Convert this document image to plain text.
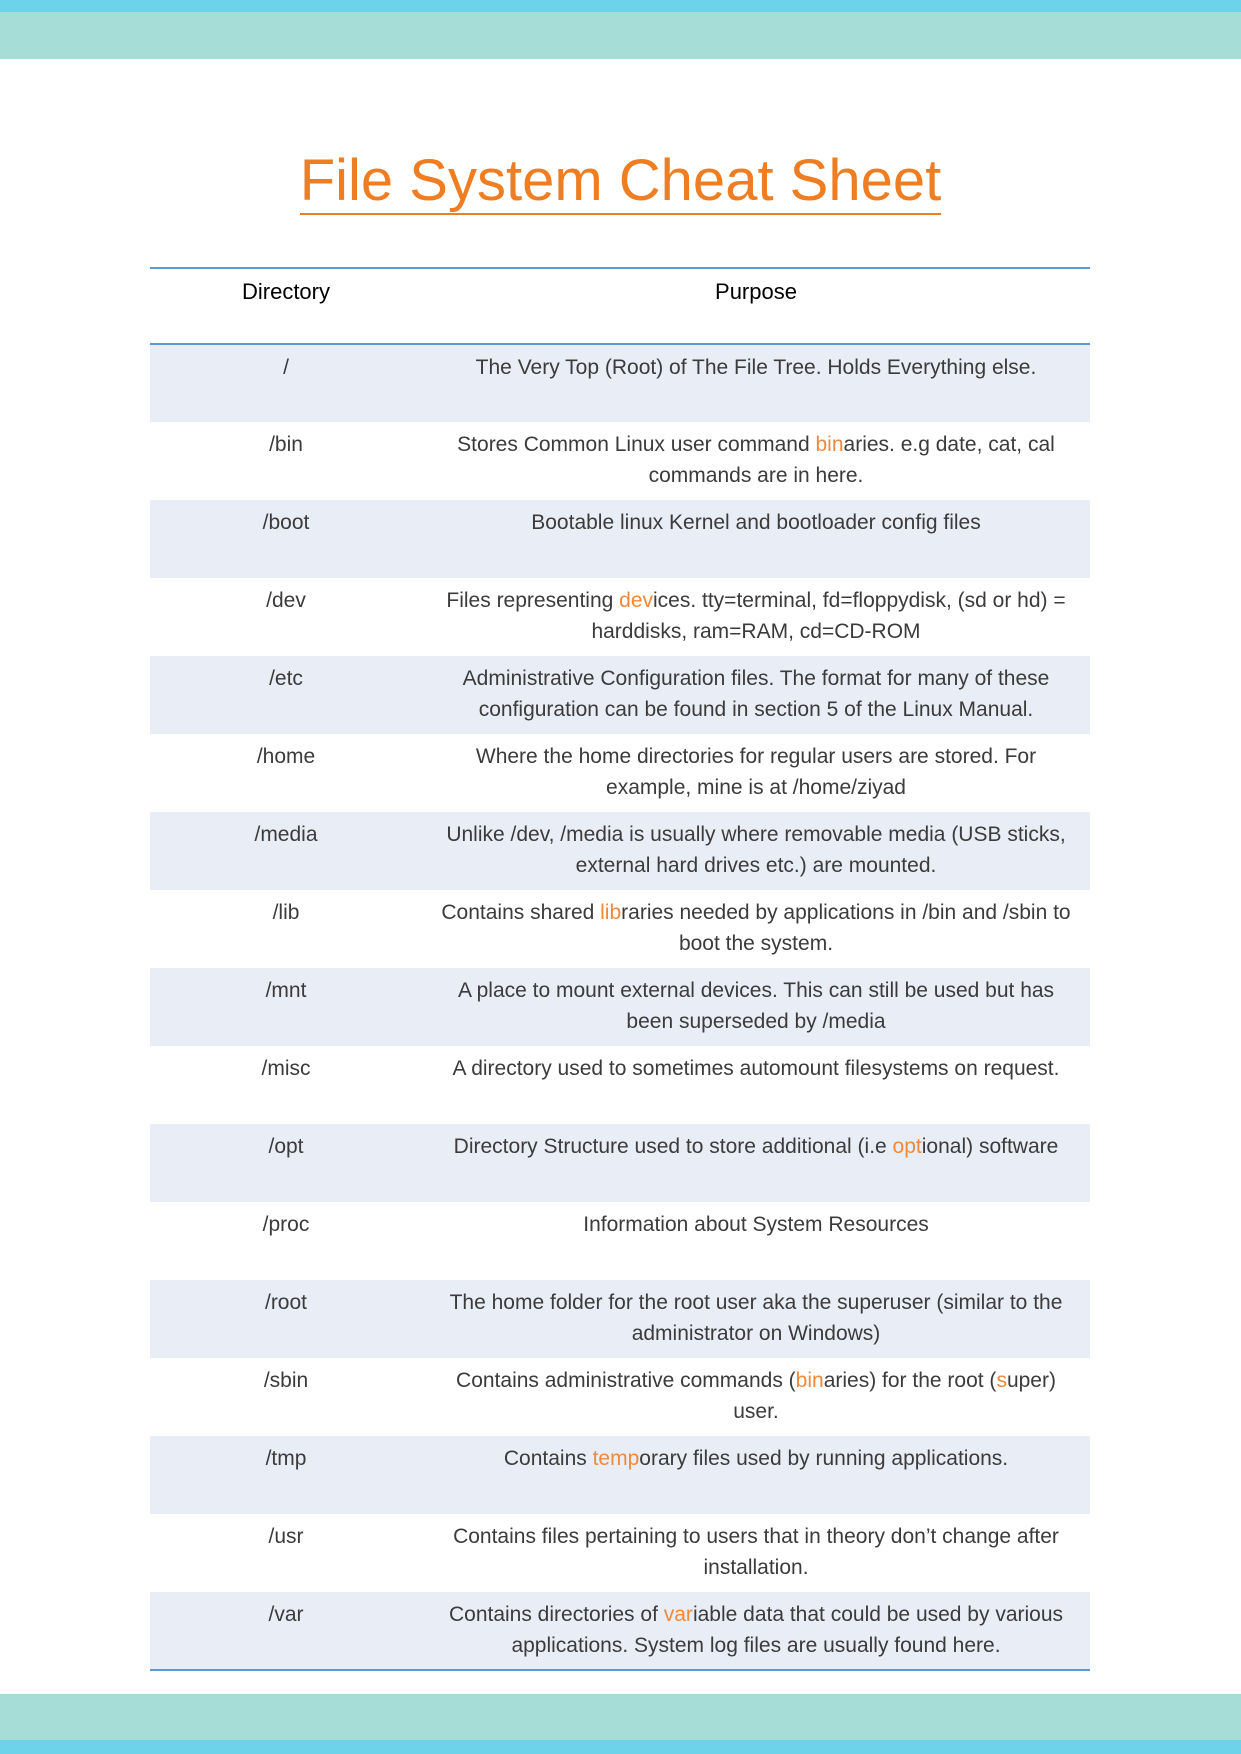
File System Cheat Sheet
Directory	Purpose
/	The Very Top (Root) of The File Tree. Holds Everything else.
/bin	Stores Common Linux user command binaries. e.g date, cat, cal commands are in here.
/boot	Bootable linux Kernel and bootloader config files
/dev	Files representing devices. tty=terminal, fd=floppydisk, (sd or hd) = harddisks, ram=RAM, cd=CD-ROM
/etc	Administrative Configuration files. The format for many of these configuration can be found in section 5 of the Linux Manual.
/home	Where the home directories for regular users are stored. For example, mine is at /home/ziyad
/media	Unlike /dev, /media is usually where removable media (USB sticks, external hard drives etc.) are mounted.
/lib	Contains shared libraries needed by applications in /bin and /sbin to boot the system.
/mnt	A place to mount external devices. This can still be used but has been superseded by /media
/misc	A directory used to sometimes automount filesystems on request.
/opt	Directory Structure used to store additional (i.e optional) software
/proc	Information about System Resources
/root	The home folder for the root user aka the superuser (similar to the administrator on Windows)
/sbin	Contains administrative commands (binaries) for the root (super) user.
/tmp	Contains temporary files used by running applications.
/usr	Contains files pertaining to users that in theory don’t change after installation.
/var	Contains directories of variable data that could be used by various applications. System log files are usually found here.
